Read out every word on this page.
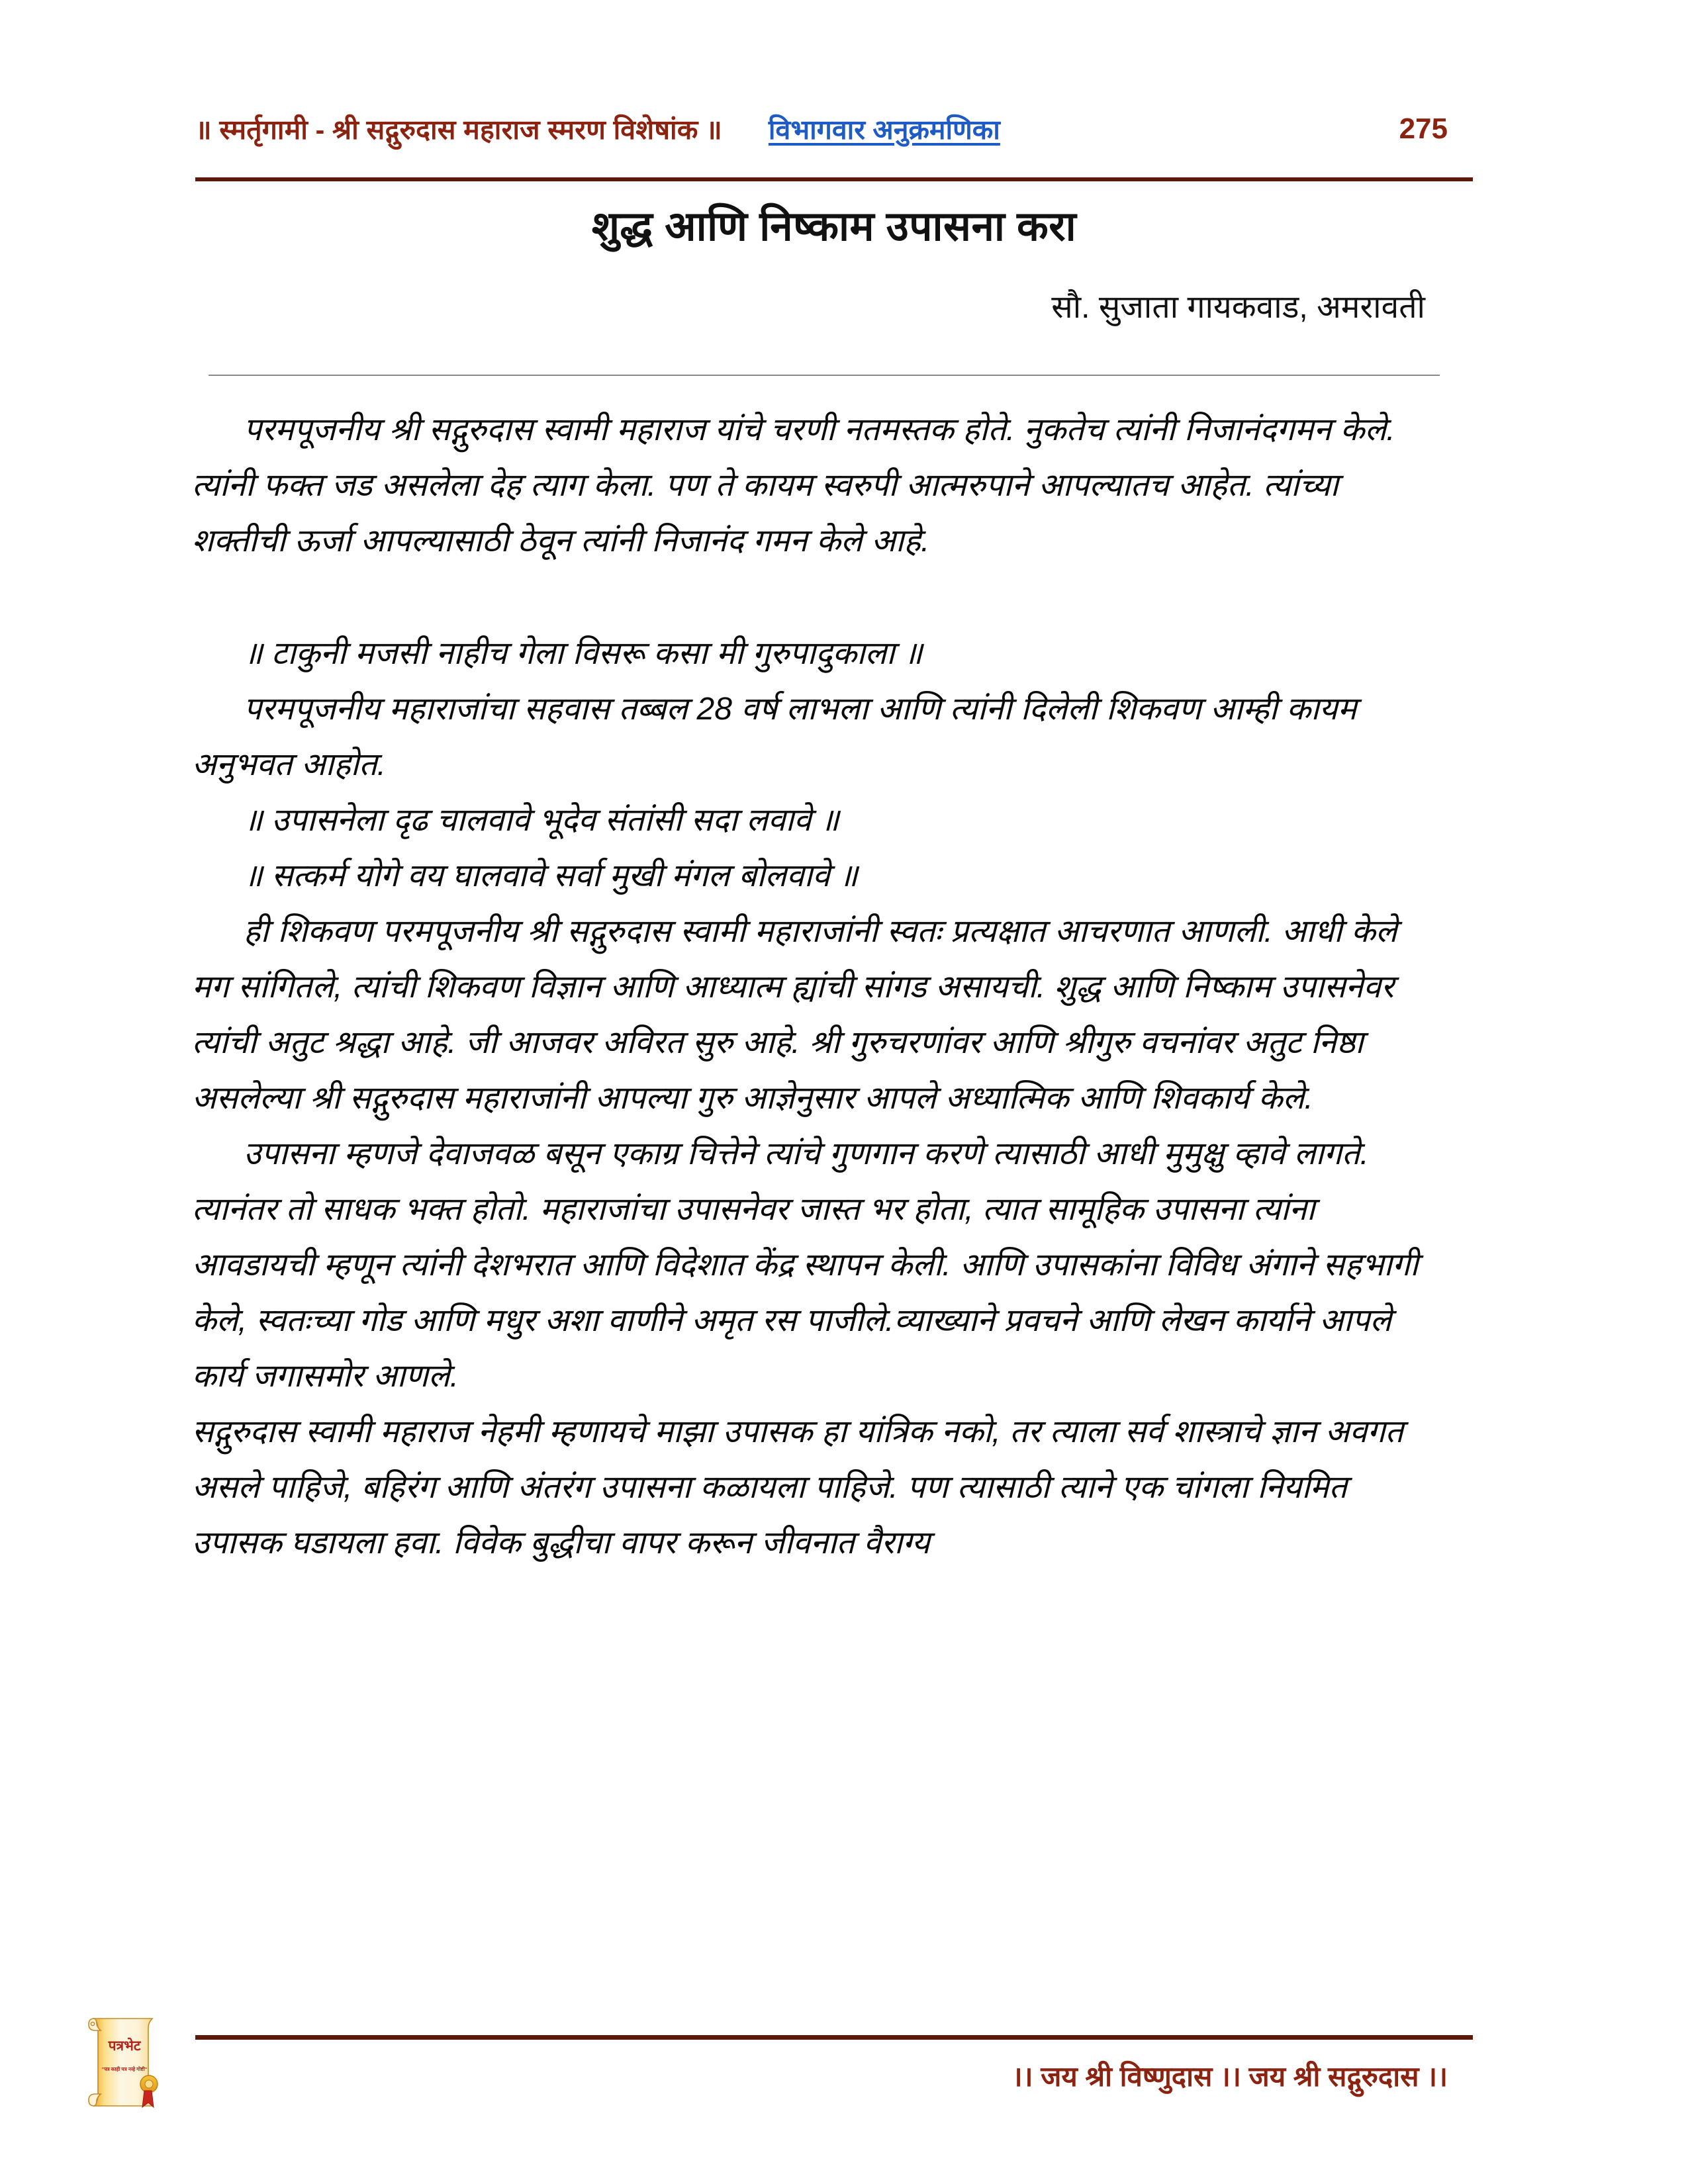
॥ स्मर्तृगामी - श्री सद्गुरुदास महाराज स्मरण विशेषांक ॥ विभागवार अनुक्रमणिका	275
शुद्ध आणि निष्काम उपासना करा
सौ. सुजाता गायकवाड, अमरावती

परमपूजनीय श्री सद्गुरुदास स्वामी महाराज यांचे चरणी नतमस्तक होते. नुकतेच त्यांनी निजानंदगमन केले. त्यांनी फक्त जड असलेला देह त्याग केला. पण ते कायम स्वरुपी आत्मरुपाने आपल्यातच आहेत. त्यांच्या शक्तीची ऊर्जा आपल्यासाठी ठेवून त्यांनी निजानंद गमन केले आहे.

॥ टाकुनी मजसी नाहीच गेला विसरू कसा मी गुरुपादुकाला ॥

परमपूजनीय महाराजांचा सहवास तब्बल 28 वर्ष लाभला आणि त्यांनी दिलेली शिकवण आम्ही कायम अनुभवत आहोत.

॥ उपासनेला दृढ चालवावे भूदेव संतांसी सदा लवावे ॥

॥ सत्कर्म योगे वय घालवावे सर्वा मुखी मंगल बोलवावे ॥

ही शिकवण परमपूजनीय श्री सद्गुरुदास स्वामी महाराजांनी स्वतः प्रत्यक्षात आचरणात आणली. आधी केले मग सांगितले, त्यांची शिकवण विज्ञान आणि आध्यात्म ह्यांची सांगड असायची. शुद्ध आणि निष्काम उपासनेवर त्यांची अतुट श्रद्धा आहे. जी आजवर अविरत सुरु आहे. श्री गुरुचरणांवर आणि श्रीगुरु वचनांवर अतुट निष्ठा असलेल्या श्री सद्गुरुदास महाराजांनी आपल्या गुरु आज्ञेनुसार आपले अध्यात्मिक आणि शिवकार्य केले.

उपासना म्हणजे देवाजवळ बसून एकाग्र चित्तेने त्यांचे गुणगान करणे त्यासाठी आधी मुमुक्षु व्हावे लागते. त्यानंतर तो साधक भक्त होतो. महाराजांचा उपासनेवर जास्त भर होता, त्यात सामूहिक उपासना त्यांना आवडायची म्हणून त्यांनी देशभरात आणि विदेशात केंद्र स्थापन केली. आणि उपासकांना विविध अंगाने सहभागी केले, स्वतःच्या गोड आणि मधुर अशा वाणीने अमृत रस पाजीले.व्याख्याने प्रवचने आणि लेखन कार्याने आपले कार्य जगासमोर आणले.

सद्गुरुदास स्वामी महाराज नेहमी म्हणायचे माझा उपासक हा यांत्रिक नको, तर त्याला सर्व शास्त्राचे ज्ञान अवगत असले पाहिजे, बहिरंग आणि अंतरंग उपासना कळायला पाहिजे. पण त्यासाठी त्याने एक चांगला नियमित उपासक घडायला हवा. विवेक बुद्धीचा वापर करून जीवनात वैराग्य

।। जय श्री विष्णुदास ।। जय श्री सद्गुरुदास ।।
पत्रभेट
"पत्र काही पत्र नव्हे गोष्टी"
